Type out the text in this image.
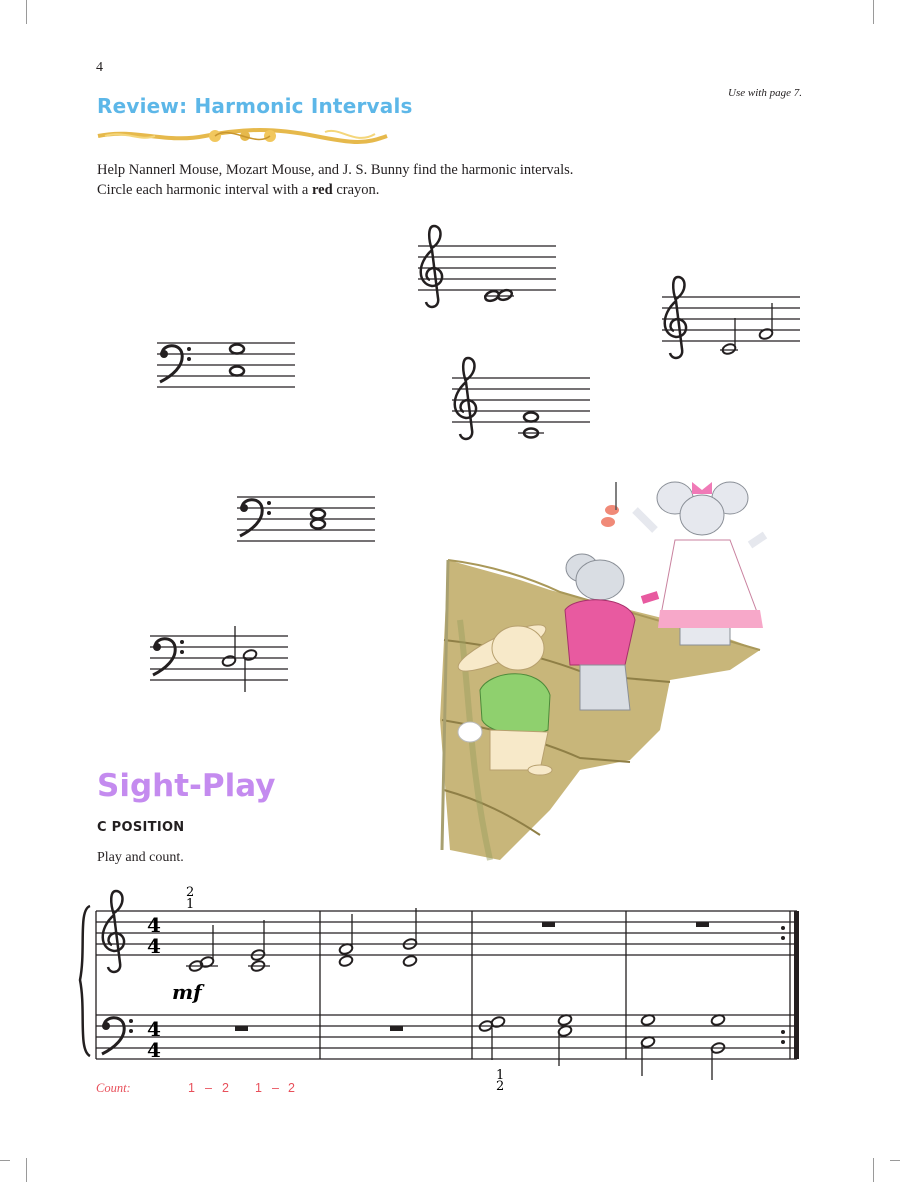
4
Use with page 7.
Review: Harmonic Intervals
Help Nannerl Mouse, Mozart Mouse, and J. S. Bunny find the harmonic intervals.
Circle each harmonic interval with a red crayon.
Sight-Play
C POSITION
Play and count.
4
4
4
4
2
1
mf
1
2
Count:	1 – 2 1 – 2
